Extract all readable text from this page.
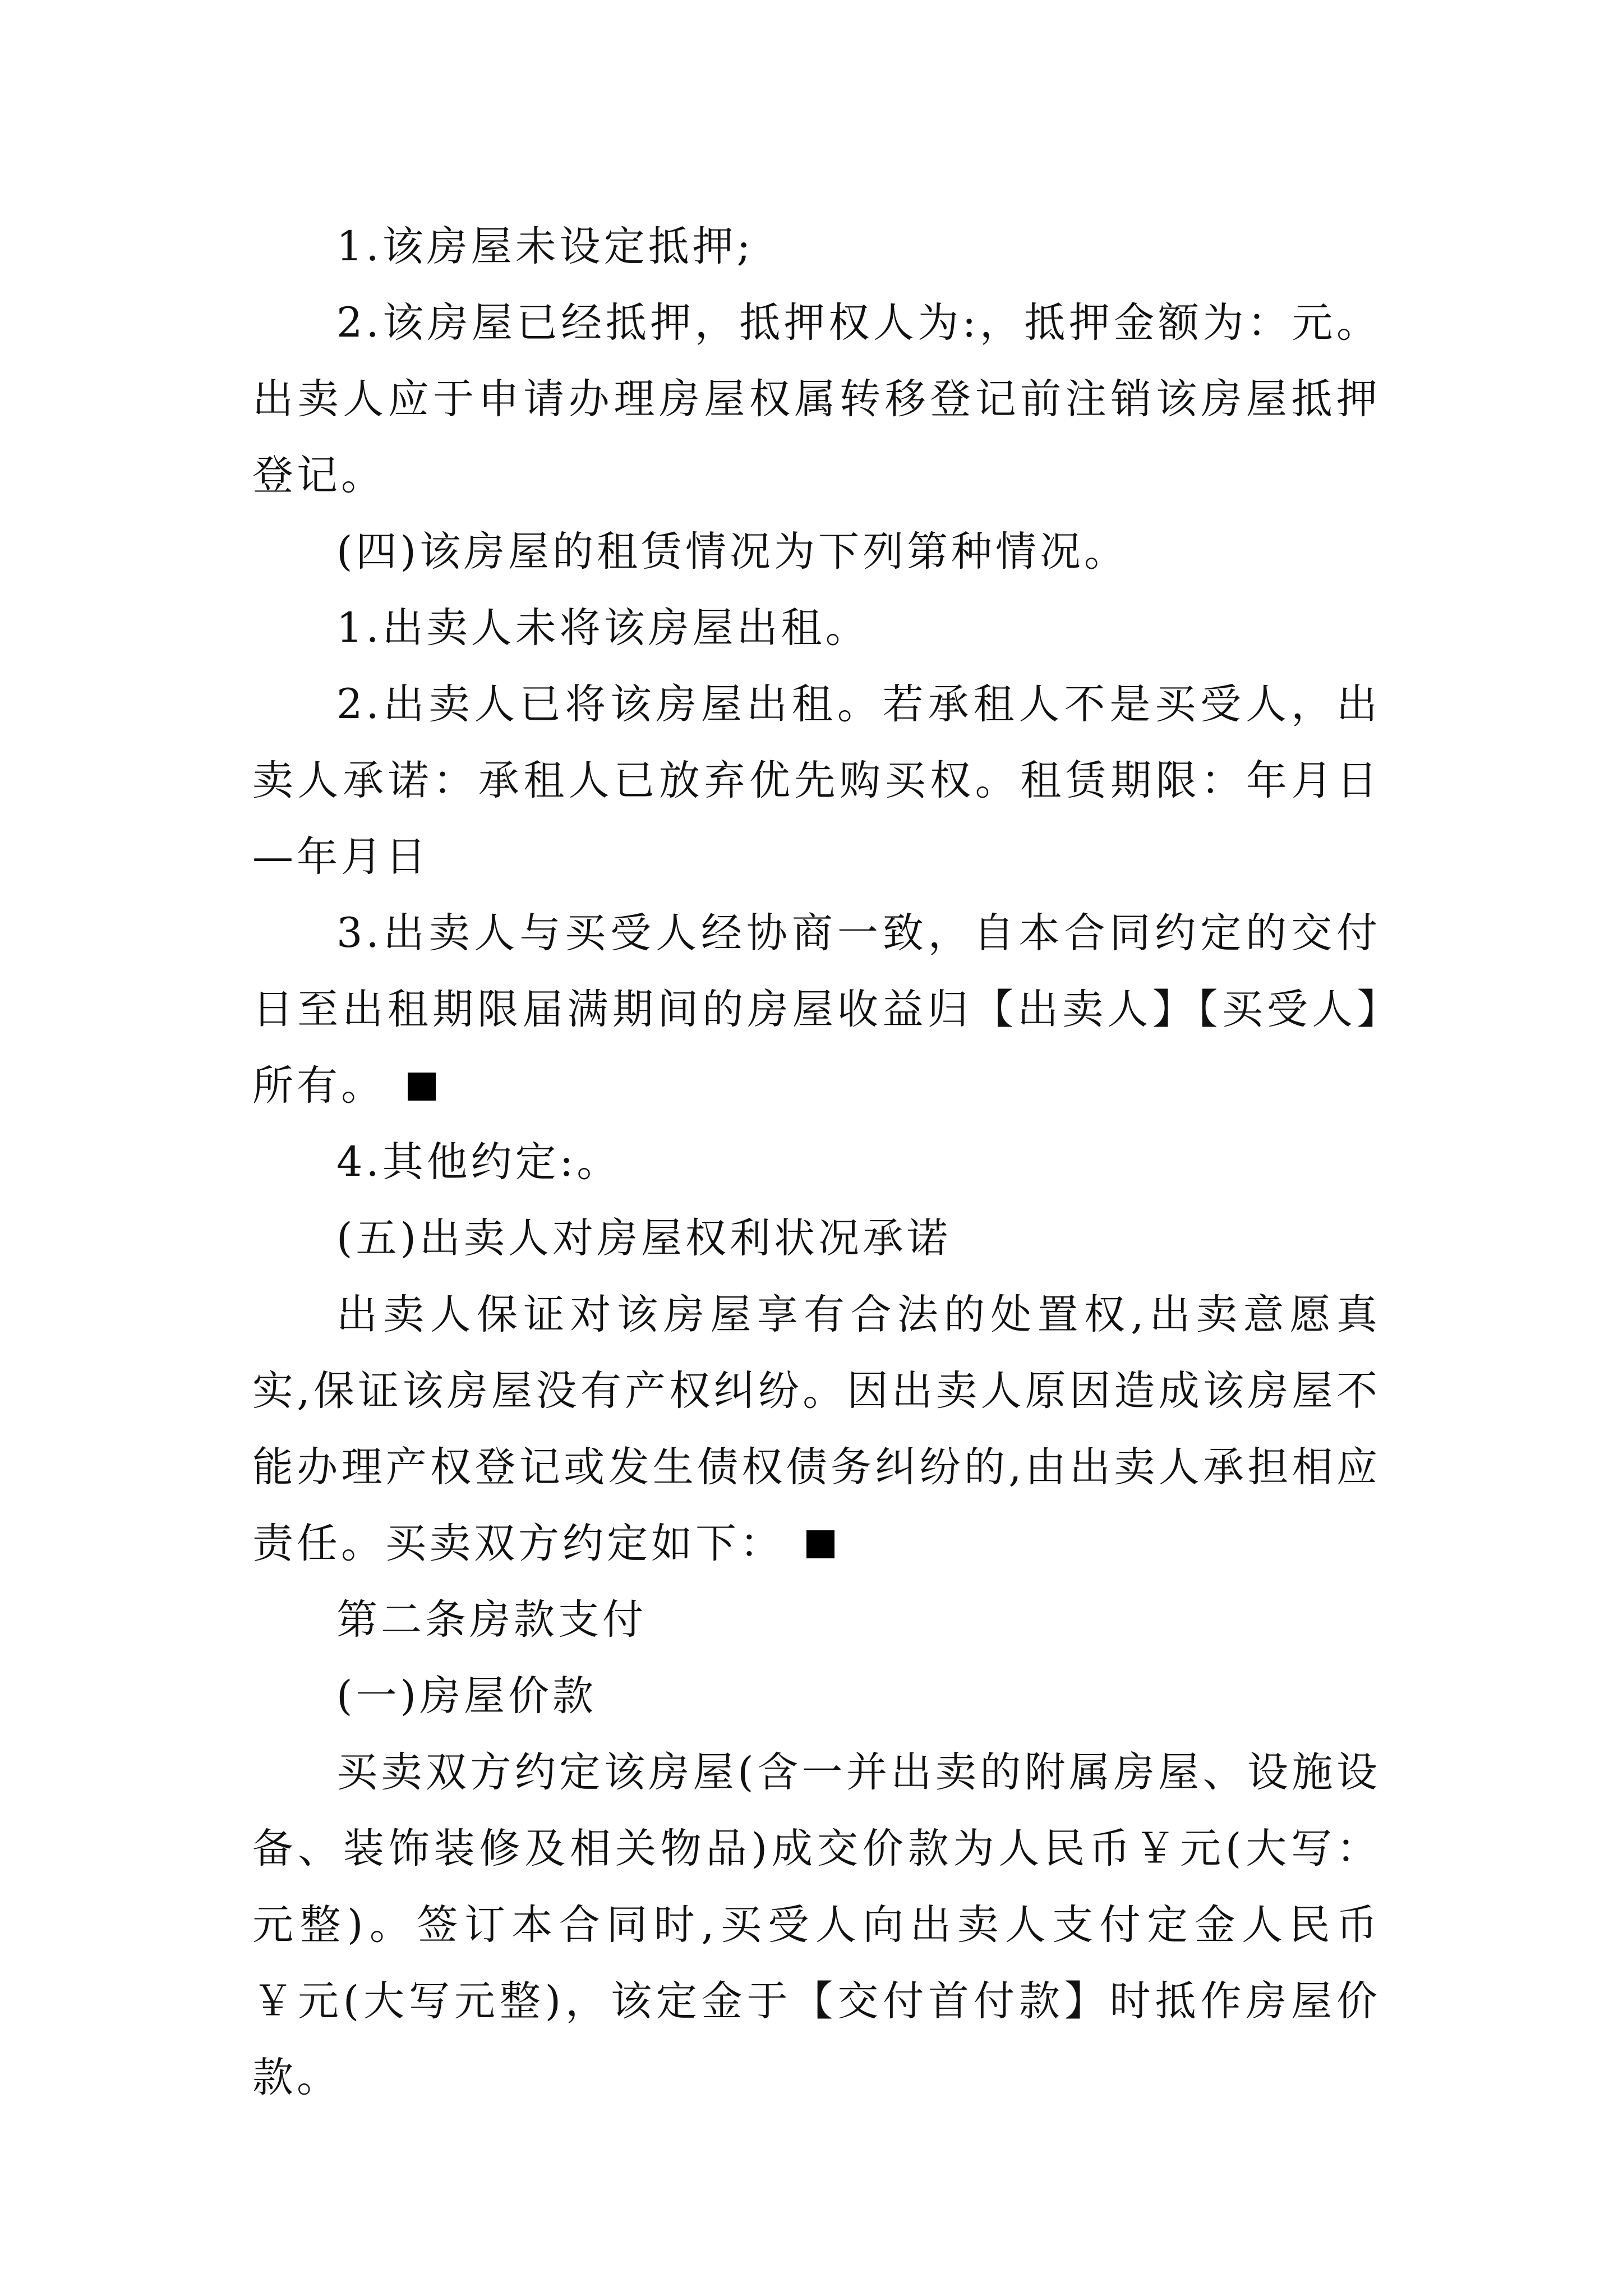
1.该房屋未设定抵押;

2.该房屋已经抵押，抵押权人为:，抵押金额为：元。出卖人应于申请办理房屋权属转移登记前注销该房屋抵押登记。

(四)该房屋的租赁情况为下列第种情况。

1.出卖人未将该房屋出租。

2.出卖人已将该房屋出租。若承租人不是买受人，出卖人承诺：承租人已放弃优先购买权。租赁期限：年月日—年月日

3.出卖人与买受人经协商一致，自本合同约定的交付日至出租期限届满期间的房屋收益归【出卖人】【买受人】所有。

4.其他约定:。

(五)出卖人对房屋权利状况承诺

出卖人保证对该房屋享有合法的处置权,出卖意愿真实,保证该房屋没有产权纠纷。因出卖人原因造成该房屋不能办理产权登记或发生债权债务纠纷的,由出卖人承担相应责任。买卖双方约定如下：

第二条房款支付

(一)房屋价款

买卖双方约定该房屋(含一并出卖的附属房屋、设施设备、装饰装修及相关物品)成交价款为人民币￥元(大写：元整)。签订本合同时,买受人向出卖人支付定金人民币￥元(大写元整)，该定金于【交付首付款】时抵作房屋价款。
